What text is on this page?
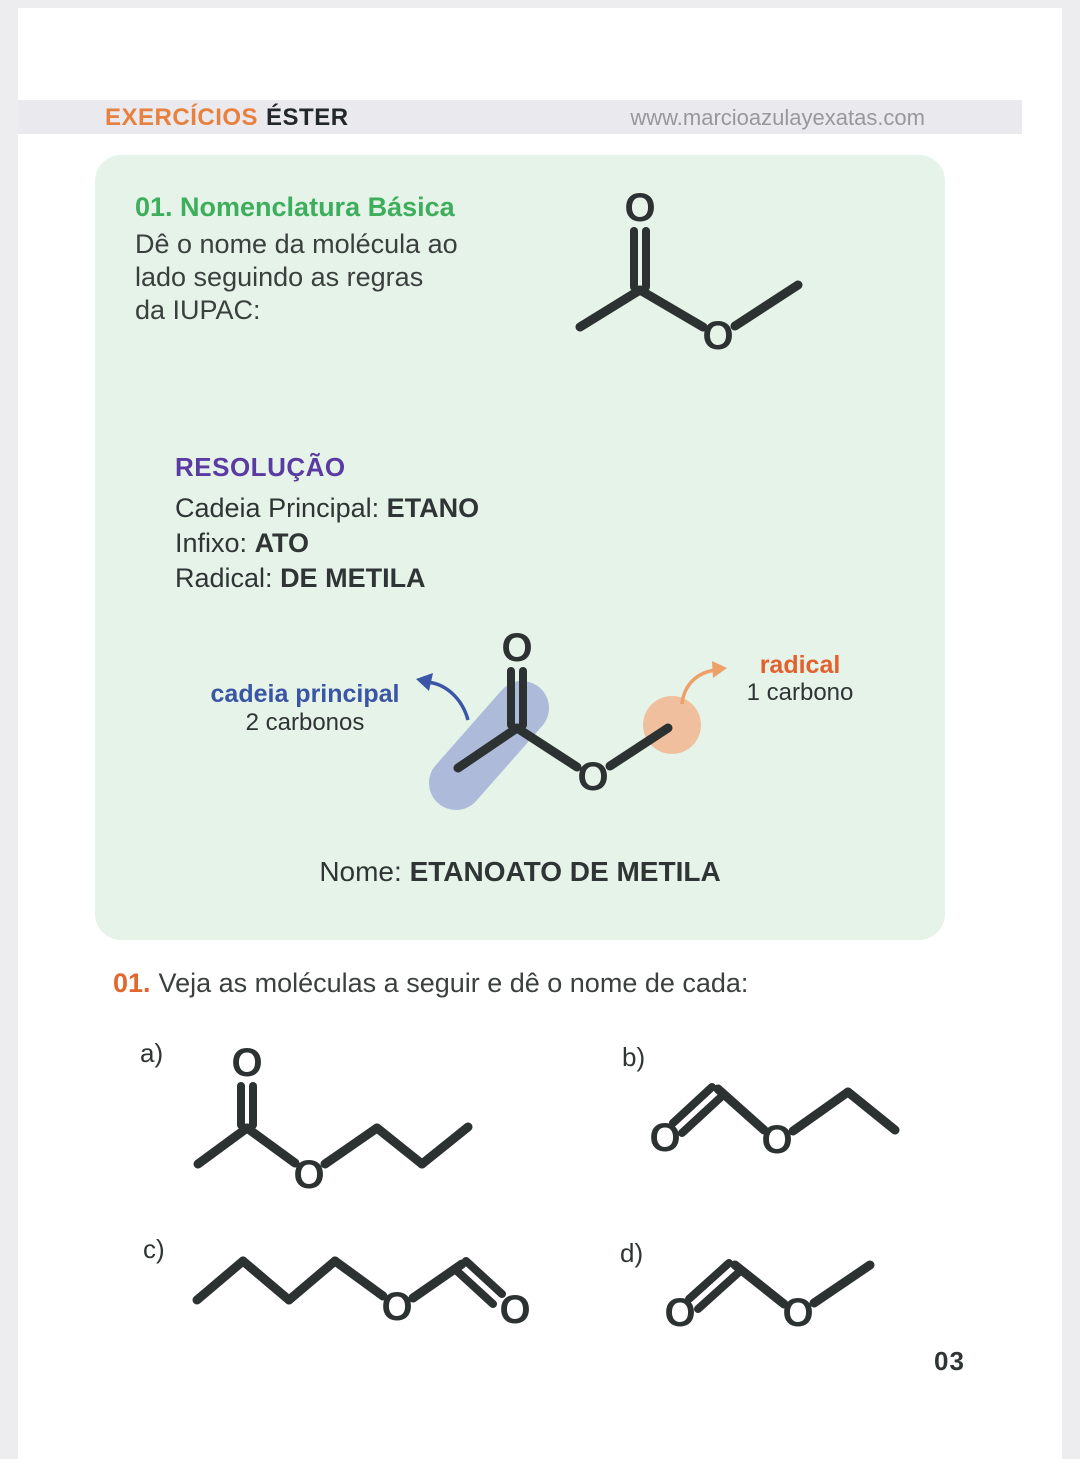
EXERCÍCIOS ÉSTER	www.marcioazulayexatas.com
01. Nomenclatura Básica
Dê o nome da molécula ao
lado seguindo as regras
da IUPAC:
O
O
RESOLUÇÃO
Cadeia Principal: ETANO
Infixo: ATO
Radical: DE METILA
O
O
cadeia principal
2 carbonos
radical
1 carbono
Nome: ETANOATO DE METILA
01. Veja as moléculas a seguir e dê o nome de cada:
a) O
O
b)
O O
c)
O O
d)
O O
03
